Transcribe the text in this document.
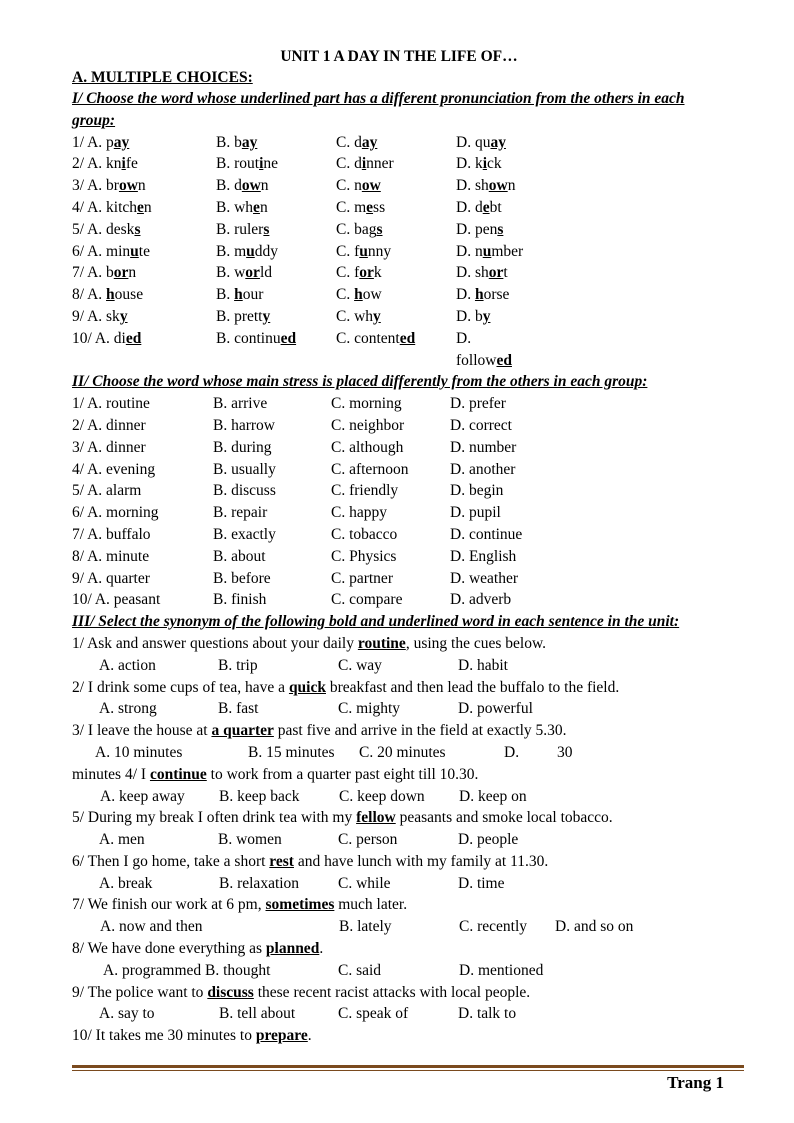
UNIT 1 A DAY IN THE LIFE OF…
A. MULTIPLE CHOICES:
I/ Choose the word whose underlined part has a different pronunciation from the others in each group:
1/ A. pay	B. bay	C. day	D. quay
2/ A. knife	B. routine	C. dinner	D. kick
3/ A. brown	B. down	C. now	D. shown
4/ A. kitchen	B. when	C. mess	D. debt
5/ A. desks	B. rulers	C. bags	D. pens
6/ A. minute	B. muddy	C. funny	D. number
7/ A. born	B. world	C. fork	D. short
8/ A. house	B. hour	C. how	D. horse
9/ A. sky	B. pretty	C. why	D. by
10/ A. died	B. continued	C. contented	D.
followed
II/ Choose the word whose main stress is placed differently from the others in each group:
1/ A. routine	B. arrive	C. morning	D. prefer
2/ A. dinner	B. harrow	C. neighbor	D. correct
3/ A. dinner	B. during	C. although	D. number
4/ A. evening	B. usually	C. afternoon	D. another
5/ A. alarm	B. discuss	C. friendly	D. begin
6/ A. morning	B. repair	C. happy	D. pupil
7/ A. buffalo	B. exactly	C. tobacco	D. continue
8/ A. minute	B. about	C. Physics	D. English
9/ A. quarter	B. before	C. partner	D. weather
10/ A. peasant	B. finish	C. compare	D. adverb
III/ Select the synonym of the following bold and underlined word in each sentence in the unit:
1/ Ask and answer questions about your daily routine, using the cues below.
A. action	B. trip	C. way	D. habit
2/ I drink some cups of tea, have a quick breakfast and then lead the buffalo to the field.
A. strong	B. fast	C. mighty	D. powerful
3/ I leave the house at a quarter past five and arrive in the field at exactly 5.30.
A. 10 minutes	B. 15 minutes C. 20 minutes	D. 30
minutes 4/ I continue to work from a quarter past eight till 10.30.
A. keep away B. keep back	C. keep down D. keep on
5/ During my break I often drink tea with my fellow peasants and smoke local tobacco.
A. men	B. women	C. person	D. people
6/ Then I go home, take a short rest and have lunch with my family at 11.30.
A. break	B. relaxation	C. while	D. time
7/ We finish our work at 6 pm, sometimes much later.
A. now and then	B. lately	C. recently D. and so on
8/ We have done everything as planned.
A. programmed B. thought	C. said	D. mentioned
9/ The police want to discuss these recent racist attacks with local people.
A. say to	B. tell about	C. speak of	D. talk to
10/ It takes me 30 minutes to prepare.
Trang 1
